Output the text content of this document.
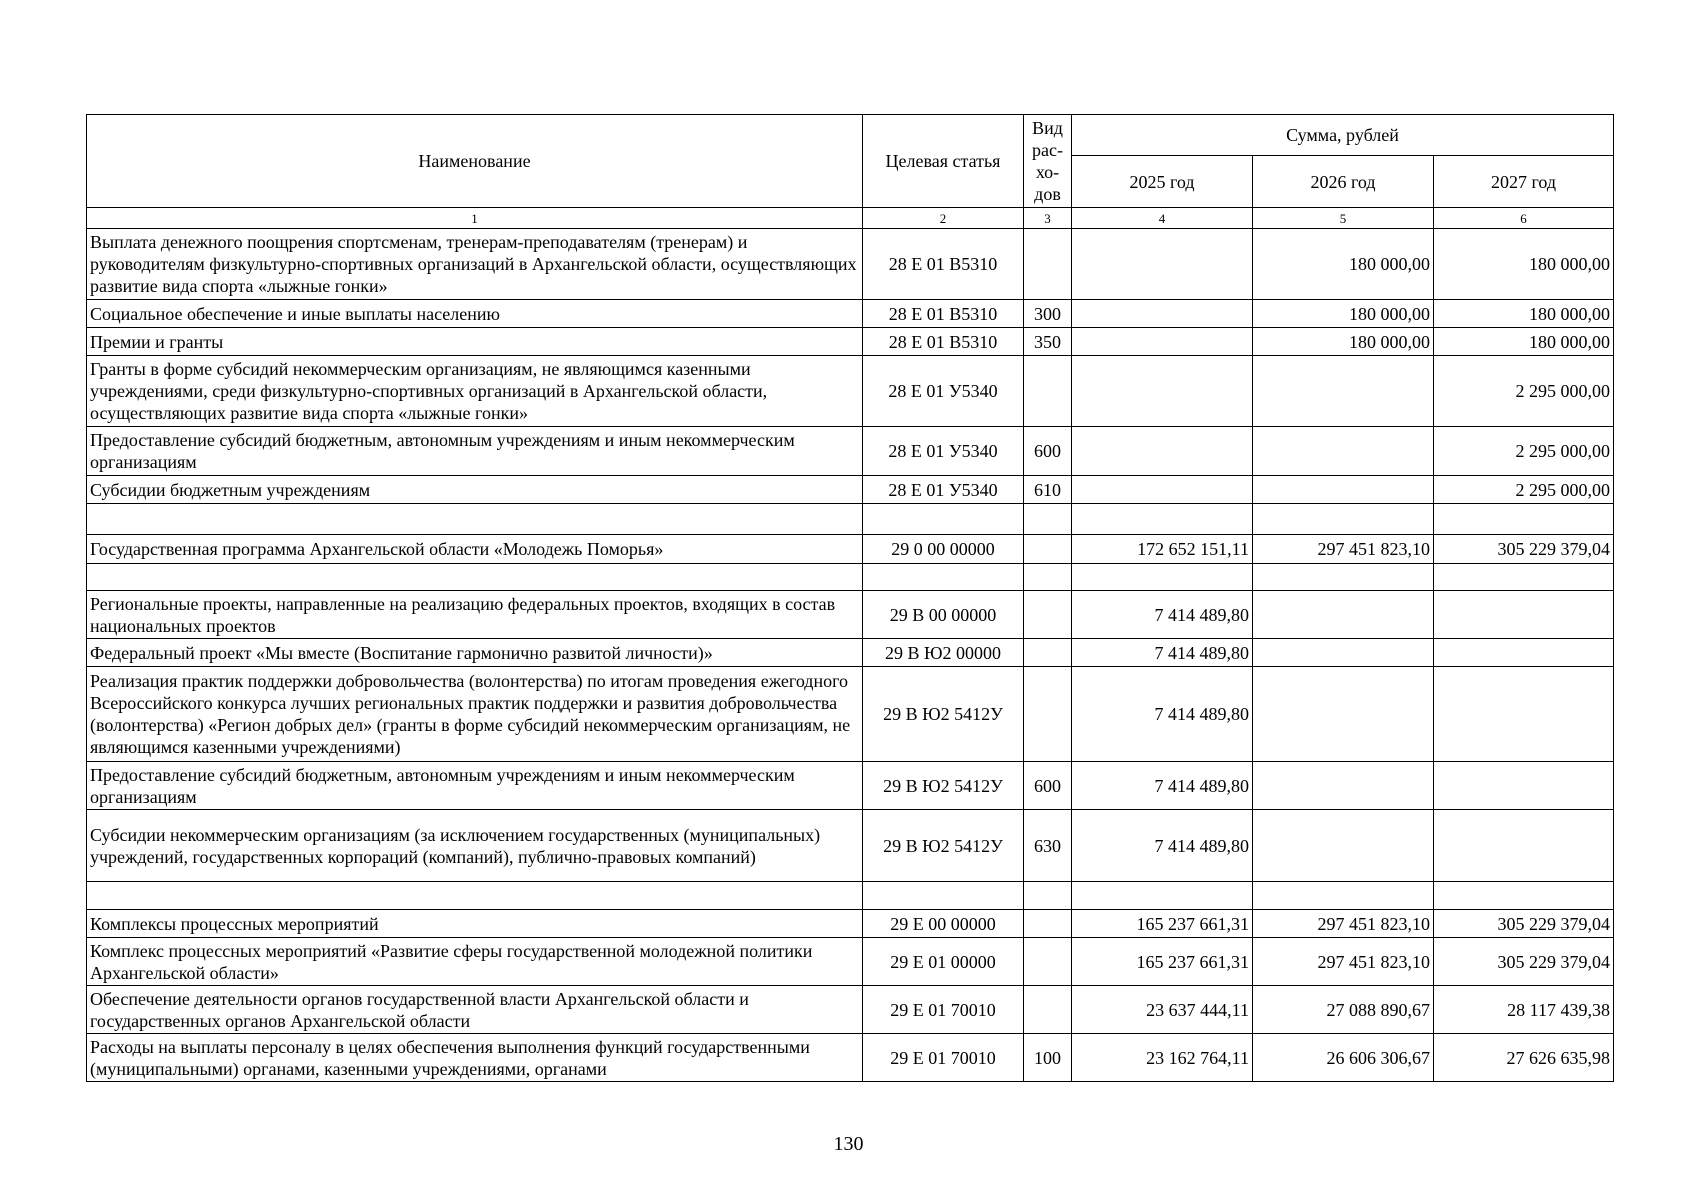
Наименование	Целевая статья	Вид рас-хо-дов	Сумма, рублей		
			2025 год	2026 год	2027 год
1	2	3	4	5	6
Выплата денежного поощрения спортсменам, тренерам-преподавателям (тренерам) и руководителям физкультурно-спортивных организаций в Архангельской области, осуществляющих развитие вида спорта «лыжные гонки»	28 Е 01 В5310			180 000,00	180 000,00
Социальное обеспечение и иные выплаты населению	28 Е 01 В5310	300		180 000,00	180 000,00
Премии и гранты	28 Е 01 В5310	350		180 000,00	180 000,00
Гранты в форме субсидий некоммерческим организациям, не являющимся казенными учреждениями, среди физкультурно-спортивных организаций в Архангельской области, осуществляющих развитие вида спорта «лыжные гонки»	28 Е 01 У5340				2 295 000,00
Предоставление субсидий бюджетным, автономным учреждениям и иным некоммерческим организациям	28 Е 01 У5340	600			2 295 000,00
Субсидии бюджетным учреждениям	28 Е 01 У5340	610			2 295 000,00

Государственная программа Архангельской области «Молодежь Поморья»	29 0 00 00000		172 652 151,11	297 451 823,10	305 229 379,04

Региональные проекты, направленные на реализацию федеральных проектов, входящих в состав национальных проектов	29 В 00 00000		7 414 489,80		
Федеральный проект «Мы вместе (Воспитание гармонично развитой личности)»	29 В Ю2 00000		7 414 489,80		
Реализация практик поддержки добровольчества (волонтерства) по итогам проведения ежегодного Всероссийского конкурса лучших региональных практик поддержки и развития добровольчества (волонтерства) «Регион добрых дел» (гранты в форме субсидий некоммерческим организациям, не являющимся казенными учреждениями)	29 В Ю2 5412У		7 414 489,80		
Предоставление субсидий бюджетным, автономным учреждениям и иным некоммерческим организациям	29 В Ю2 5412У	600	7 414 489,80		
Субсидии некоммерческим организациям (за исключением государственных (муниципальных) учреждений, государственных корпораций (компаний), публично-правовых компаний)	29 В Ю2 5412У	630	7 414 489,80		

Комплексы процессных мероприятий	29 Е 00 00000		165 237 661,31	297 451 823,10	305 229 379,04
Комплекс процессных мероприятий «Развитие сферы государственной молодежной политики Архангельской области»	29 Е 01 00000		165 237 661,31	297 451 823,10	305 229 379,04
Обеспечение деятельности органов государственной власти Архангельской области и государственных органов Архангельской области	29 Е 01 70010		23 637 444,11	27 088 890,67	28 117 439,38
Расходы на выплаты персоналу в целях обеспечения выполнения функций государственными (муниципальными) органами, казенными учреждениями, органами	29 Е 01 70010	100	23 162 764,11	26 606 306,67	27 626 635,98
130
